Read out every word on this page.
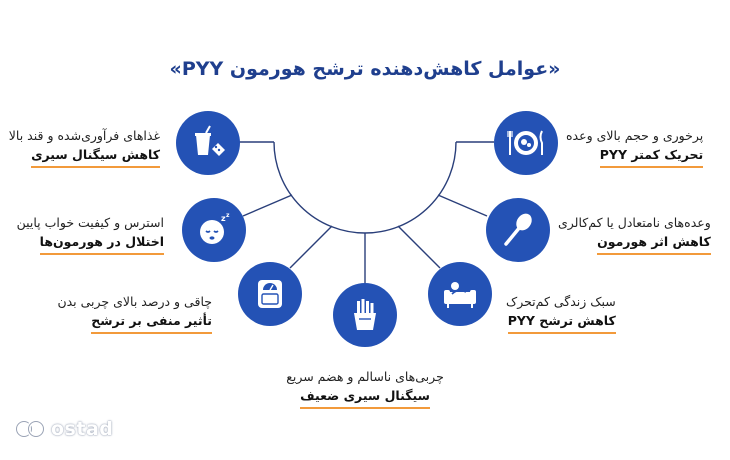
«عوامل کاهش‌دهنده ترشح هورمون PYY»
غذاهای فرآوری‌شده و قند بالا
کاهش سیگنال سیری
z z
استرس و کیفیت خواب پایین
اختلال در هورمون‌ها
چاقی و درصد بالای چربی بدن
تأثیر منفی بر ترشح
چربی‌های ناسالم و هضم سریع
سیگنال سیری ضعیف
سبک زندگی کم‌تحرک
کاهش ترشح PYY
وعده‌های نامتعادل یا کم‌کالری
کاهش اثر هورمون
پرخوری و حجم بالای وعده
تحریک کمتر PYY
ostad
